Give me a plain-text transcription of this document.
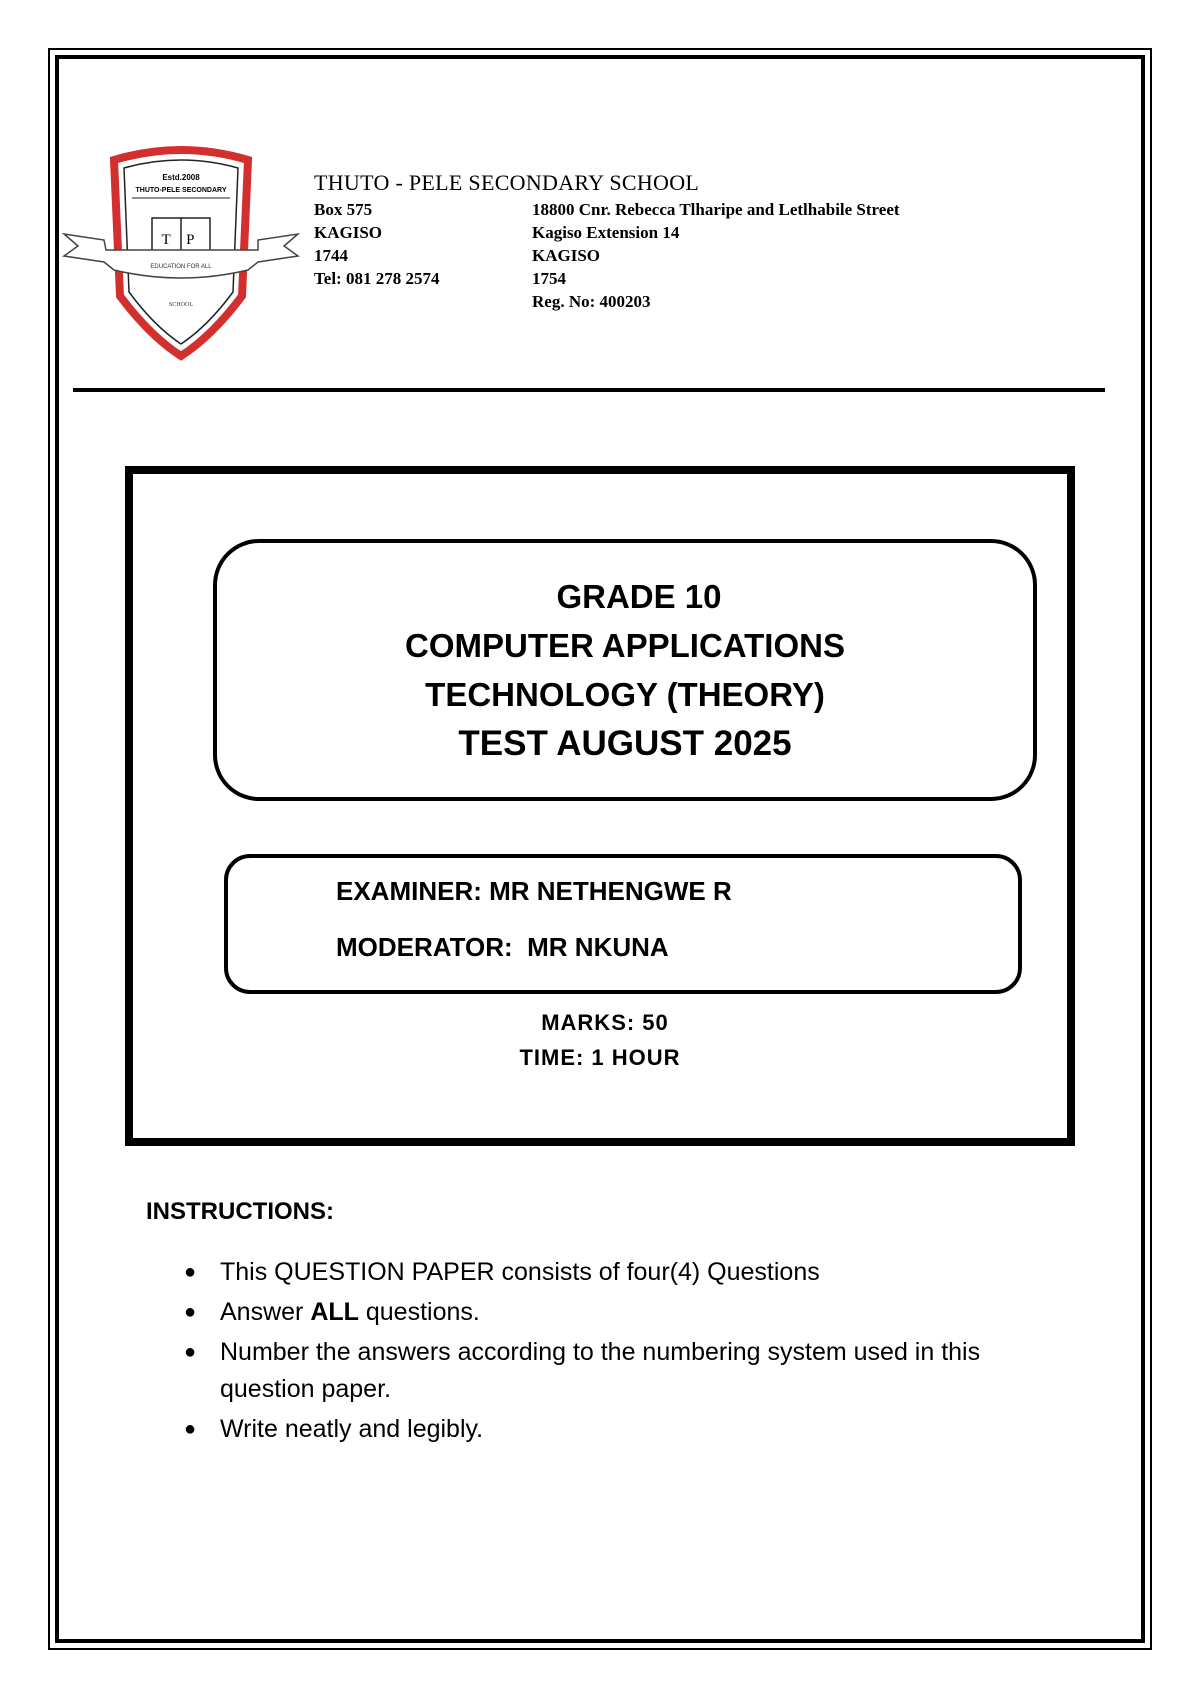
Estd.2008
THUTO-PELE SECONDARY
T P
EDUCATION FOR ALL
SCHOOL
THUTO - PELE SECONDARY SCHOOL
Box 575
KAGISO
1744
Tel: 081 278 2574
18800 Cnr. Rebecca Tlharipe and Letlhabile Street
Kagiso Extension 14
KAGISO
1754
Reg. No: 400203
GRADE 10
COMPUTER APPLICATIONS
TECHNOLOGY (THEORY)
TEST AUGUST 2025
EXAMINER: MR NETHENGWE R
MODERATOR:  MR NKUNA
MARKS: 50
TIME: 1 HOUR
INSTRUCTIONS:
● This QUESTION PAPER consists of four(4) Questions
● Answer ALL questions.
● Number the answers according to the numbering system used in this question paper.
● Write neatly and legibly.
